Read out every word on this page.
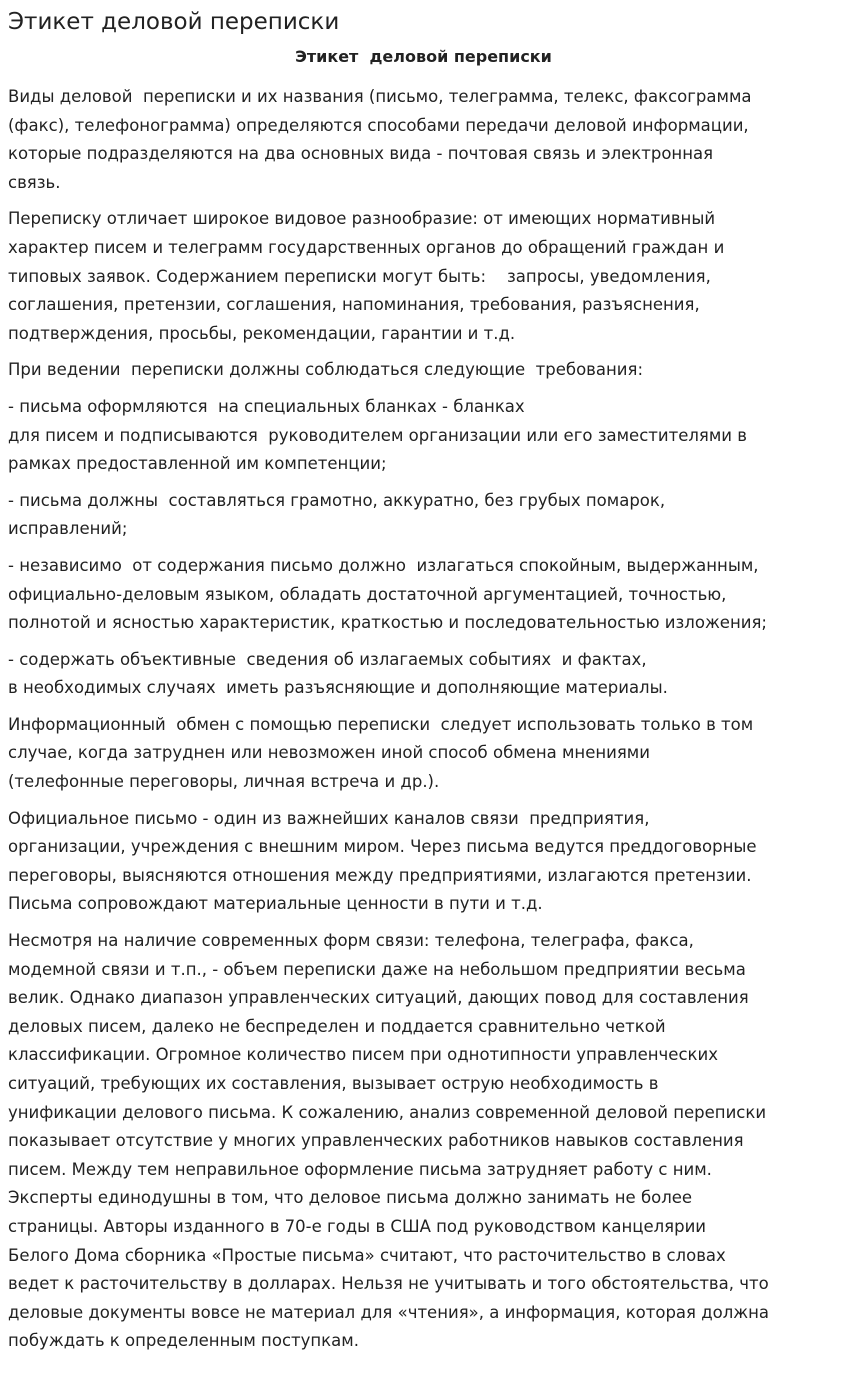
Этикет деловой переписки
Этикет  деловой переписки

Виды деловой  переписки и их названия (письмо, телеграмма, телекс, факсограмма
(факс), телефонограмма) определяются способами передачи деловой информации,
которые подразделяются на два основных вида - почтовая связь и электронная
связь.

Переписку отличает широкое видовое разнообразие: от имеющих нормативный
характер писем и телеграмм государственных органов до обращений граждан и
типовых заявок. Содержанием переписки могут быть:    запросы, уведомления,
соглашения, претензии, соглашения, напоминания, требования, разъяснения,
подтверждения, просьбы, рекомендации, гарантии и т.д.

При ведении  переписки должны соблюдаться следующие  требования:

- письма оформляются  на специальных бланках - бланках
для писем и подписываются  руководителем организации или его заместителями в
рамках предоставленной им компетенции;

- письма должны  составляться грамотно, аккуратно, без грубых помарок,
исправлений;

- независимо  от содержания письмо должно  излагаться спокойным, выдержанным,
официально-деловым языком, обладать достаточной аргументацией, точностью,
полнотой и ясностью характеристик, краткостью и последовательностью изложения;

- содержать объективные  сведения об излагаемых событиях  и фактах,
в необходимых случаях  иметь разъясняющие и дополняющие материалы.

Информационный  обмен с помощью переписки  следует использовать только в том
случае, когда затруднен или невозможен иной способ обмена мнениями
(телефонные переговоры, личная встреча и др.).

Официальное письмо - один из важнейших каналов связи  предприятия,
организации, учреждения с внешним миром. Через письма ведутся преддоговорные
переговоры, выясняются отношения между предприятиями, излагаются претензии.
Письма сопровождают материальные ценности в пути и т.д.

Несмотря на наличие современных форм связи: телефона, телеграфа, факса,
модемной связи и т.п., - объем переписки даже на небольшом предприятии весьма
велик. Однако диапазон управленческих ситуаций, дающих повод для составления
деловых писем, далеко не беспределен и поддается сравнительно четкой
классификации. Огромное количество писем при однотипности управленческих
ситуаций, требующих их составления, вызывает острую необходимость в
унификации делового письма. К сожалению, анализ современной деловой переписки
показывает отсутствие у многих управленческих работников навыков составления
писем. Между тем неправильное оформление письма затрудняет работу с ним.
Эксперты единодушны в том, что деловое письма должно занимать не более
страницы. Авторы изданного в 70-е годы в США под руководством канцелярии
Белого Дома сборника «Простые письма» считают, что расточительство в словах
ведет к расточительству в долларах. Нельзя не учитывать и того обстоятельства, что
деловые документы вовсе не материал для «чтения», а информация, которая должна
побуждать к определенным поступкам.
